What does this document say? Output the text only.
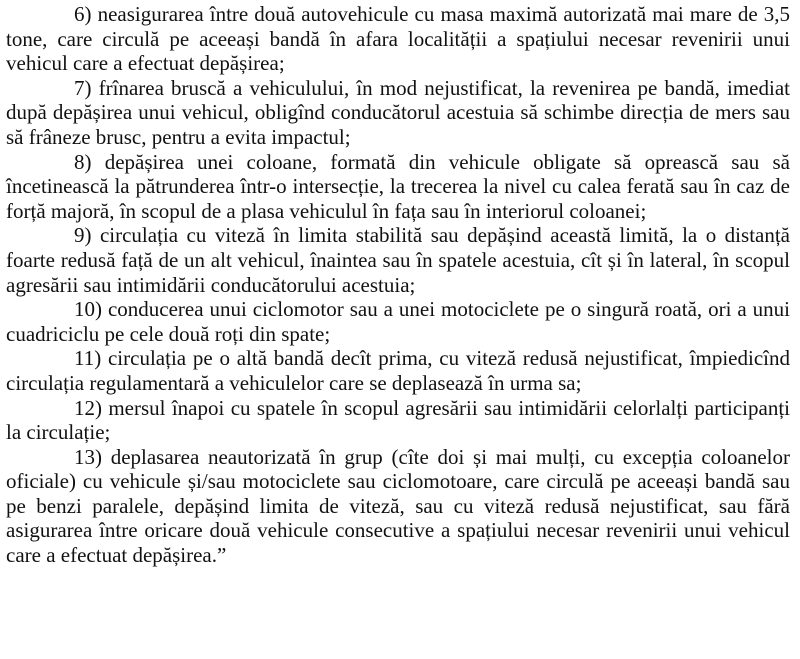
6) neasigurarea între două autovehicule cu masa maximă autorizată mai mare de 3,5 tone, care circulă pe aceeași bandă în afara localității a spațiului necesar revenirii unui vehicul care a efectuat depășirea;

7) frînarea bruscă a vehiculului, în mod nejustificat, la revenirea pe bandă, imediat după depășirea unui vehicul, obligînd conducătorul acestuia să schimbe direcția de mers sau să frâneze brusc, pentru a evita impactul;

8) depășirea unei coloane, formată din vehicule obligate să oprească sau să încetinească la pătrunderea într-o intersecție, la trecerea la nivel cu calea ferată sau în caz de forță majoră, în scopul de a plasa vehiculul în fața sau în interiorul coloanei;

9) circulația cu viteză în limita stabilită sau depășind această limită, la o distanță foarte redusă față de un alt vehicul, înaintea sau în spatele acestuia, cît și în lateral, în scopul agresării sau intimidării conducătorului acestuia;

10) conducerea unui ciclomotor sau a unei motociclete pe o singură roată, ori a unui cuadriciclu pe cele două roți din spate;

11) circulația pe o altă bandă decît prima, cu viteză redusă nejustificat, împiedicînd circulația regulamentară a vehiculelor care se deplasează în urma sa;

12) mersul înapoi cu spatele în scopul agresării sau intimidării celorlalți participanți la circulație;

13) deplasarea neautorizată în grup (cîte doi și mai mulți, cu excepția coloanelor oficiale) cu vehicule și/sau motociclete sau ciclomotoare, care circulă pe aceeași bandă sau pe benzi paralele, depășind limita de viteză, sau cu viteză redusă nejustificat, sau fără asigurarea între oricare două vehicule consecutive a spațiului necesar revenirii unui vehicul care a efectuat depășirea.”
